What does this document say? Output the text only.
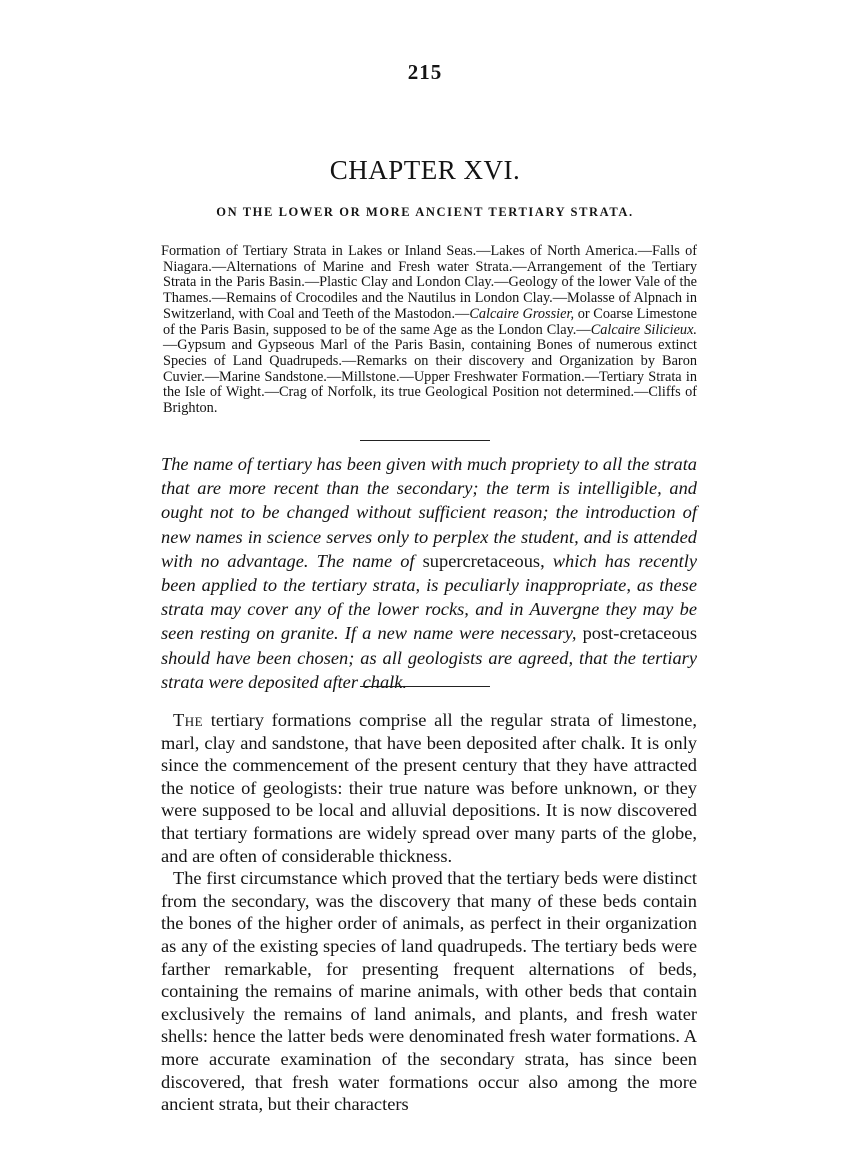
215
CHAPTER XVI.
ON THE LOWER OR MORE ANCIENT TERTIARY STRATA.
Formation of Tertiary Strata in Lakes or Inland Seas.—Lakes of North America.—Falls of Niagara.—Alternations of Marine and Fresh water Strata.—Arrangement of the Tertiary Strata in the Paris Basin.—Plastic Clay and London Clay.—Geology of the lower Vale of the Thames.—Remains of Crocodiles and the Nautilus in London Clay.—Molasse of Alpnach in Switzerland, with Coal and Teeth of the Mastodon.—Calcaire Grossier, or Coarse Limestone of the Paris Basin, supposed to be of the same Age as the London Clay.—Calcaire Silicieux.—Gypsum and Gypseous Marl of the Paris Basin, containing Bones of numerous extinct Species of Land Quadrupeds.—Remarks on their discovery and Organization by Baron Cuvier.—Marine Sandstone.—Millstone.—Upper Freshwater Formation.—Tertiary Strata in the Isle of Wight.—Crag of Norfolk, its true Geological Position not determined.—Cliffs of Brighton.

The name of tertiary has been given with much propriety to all the strata that are more recent than the secondary; the term is intelligible, and ought not to be changed without sufficient reason; the introduction of new names in science serves only to perplex the student, and is attended with no advantage. The name of supercretaceous, which has recently been applied to the tertiary strata, is peculiarly inappropriate, as these strata may cover any of the lower rocks, and in Auvergne they may be seen resting on granite. If a new name were necessary, post-cretaceous should have been chosen; as all geologists are agreed, that the tertiary strata were deposited after chalk.

The tertiary formations comprise all the regular strata of limestone, marl, clay and sandstone, that have been deposited after chalk. It is only since the commencement of the present century that they have attracted the notice of geologists: their true nature was before unknown, or they were supposed to be local and alluvial depositions. It is now discovered that tertiary formations are widely spread over many parts of the globe, and are often of considerable thickness.

The first circumstance which proved that the tertiary beds were distinct from the secondary, was the discovery that many of these beds contain the bones of the higher order of animals, as perfect in their organization as any of the existing species of land quadrupeds. The tertiary beds were farther remarkable, for presenting frequent alternations of beds, containing the remains of marine animals, with other beds that contain exclusively the remains of land animals, and plants, and fresh water shells: hence the latter beds were denominated fresh water formations. A more accurate examination of the secondary strata, has since been discovered, that fresh water formations occur also among the more ancient strata, but their characters
